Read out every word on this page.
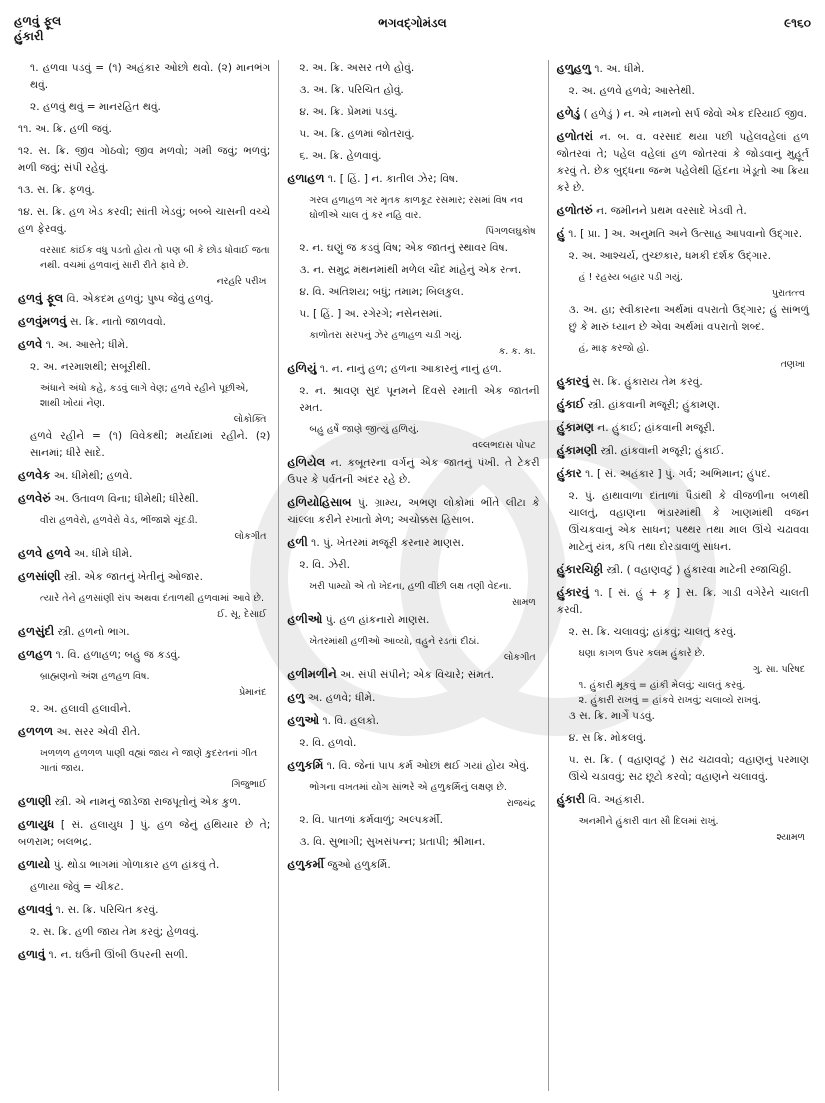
હળવું ફૂલ
હુંકારી
ભગવદ્ગોમંડલ	૯૧૬૦
૧. હળવા પડવું = (૧) અહંકાર ઓછો થવો. (૨) માનભંગ થવું.
૨. હળવું થવું = માનરહિત થવું.
૧૧. અ. ક્રિ. હળી જવું.
૧૨. સ. ક્રિ. જીવ ગોઠવો; જીવ મળવો; ગમી જવું; ભળવું; મળી જવું; સંપી રહેવું.
૧૩. સ. ક્રિ. ફળવું.
૧૪. સ. ક્રિ. હળ ખેડ કરવી; સાંતી ખેડવું; બબ્બે ચાસની વચ્ચે હળ ફેરવવું.
વરસાદ કાંઈક વધુ પડતો હોય તો પણ બી કે છોડ ધોવાઈ જતા નથી. વચમાં હળવાનું સારી રીતે ફાવે છે.
નરહરિ પરીખ
હળવું ફૂલ વિ. એકદમ હળવું; પુષ્પ જેવું હળવું.
હળવુંમળવું સ. ક્રિ. નાતો જાળવવો.
હળવે ૧. અ. આસ્તે; ધીમે.
૨. અ. નરમાશથી; સબૂરીથી.
અંધાને અંધો કહે, કડવું લાગે વેણ; હળવે રહીને પૂછીએ, શાથી ખોયાં નેણ.
લોકોક્તિ
હળવે રહીને = (૧) વિવેકથી; મર્યાદામાં રહીને. (૨) સાનમાં; ધીરે સાદે.
હળવેક અ. ધીમેથી; હળવે.
હળવેરું અ. ઉતાવળ વિના; ધીમેથી; ધીરેથી.
વીરા હળવેરો, હળવેરો વેડ, ભીંજાશે ચૂંદડી.
લોકગીત
હળવે હળવે અ. ધીમે ધીમે.
હળસાંણી સ્ત્રી. એક જાતનું ખેતીનું ઓજાર.
ત્યારે તેને હળસાંણી રાંપ અથવા દંતાળથી હળવામાં આવે છે.
ઈ. સૂ. દેસાઈ
હળસુંદી સ્ત્રી. હળનો ભાગ.
હળહળ ૧. વિ. હળાહળ; બહુ જ કડવું.
બ્રાહ્મણનો અંશ હળહળ વિષ.
પ્રેમાનંદ
૨. અ. હલાવી હલાવીને.
હળળળ અ. સરર એવી રીતે.
ખળળળ હળળળ પાણી વહ્યાં જાય ને જાણે કુદરતનાં ગીત ગાતાં જાય.
ગિજુભાઈ
હળાણી સ્ત્રી. એ નામનું જાડેજા રાજપૂતોનું એક કુળ.
હળાયુધ [ સં. હલાયુધ ] પું. હળ જેનું હથિયાર છે તે; બળરામ; બલભદ્ર.
હળાયો પું. થોડા ભાગમાં ગોળાકાર હળ હાંકવું તે.
હળાયા જેવું = ચીકટ.
હળાવવું ૧. સ. ક્રિ. પરિચિત કરવું.
૨. સ. ક્રિ. હળી જાય તેમ કરવું; હેળવવું.
હળાવું ૧. ન. ઘઉંની ઊંબી ઉપરની સળી.
૨. અ. ક્રિ. અસર તળે હોવું.
૩. અ. ક્રિ. પરિચિત હોવું.
૪. અ. ક્રિ. પ્રેમમાં પડવું.
૫. અ. ક્રિ. હળમાં જોતરાવું.
૬. અ. ક્રિ. હેળવાવું.
હળાહળ ૧. [ હિં. ] ન. કાતીલ ઝેર; વિષ.
ગરલ હળાહળ ગર મૃતક કાળકૂટ રસમાર; રસમાં વિષ નવ ઘોળીએ ચાલ તું કર નહિ વાર.
પિંગળલઘુકોષ
૨. ન. ઘણું જ કડવું વિષ; એક જાતનું સ્થાવર વિષ.
૩. ન. સમુદ્ર મંથનમાંથી મળેલ ચૌદ માંહેનું એક રત્ન.
૪. વિ. અતિશય; બધું; તમામ; બિલકુલ.
૫. [ હિં. ] અ. રગેરગે; નસેનસમાં.
કાળોતરા સરપનું ઝેર હળાહળ ચડી ગયું.
ક. ક. કા.
હળિયું ૧. ન. નાનું હળ; હળના આકારનું નાનું હળ.
૨. ન. શ્રાવણ સુદ પૂનમને દિવસે રમાતી એક જાતની રમત.
બહુ હર્ષે જાણે જીત્યું હળિયું.
વલ્લભદાસ પોપટ
હળિયેલ ન. કબૂતરના વર્ગનું એક જાતનું પંખી. તે ટેકરી ઉપર કે પર્વતની અંદર રહે છે.
હળિયોહિસાબ પું. ગ્રામ્ય, અભણ લોકોમાં ભીંતે લીટા કે ચાંલ્લા કરીને રખાતો મેળ; અચોક્કસ હિસાબ.
હળી ૧. પું. ખેતરમાં મજૂરી કરનાર માણસ.
૨. વિ. ઝેરી.
ખરી પામ્યો એ તો ખેદના, હળી વીંછી લક્ષ તણી વેદના.
સામળ
હળીઓ પું. હળ હાંકનારો માણસ.
ખેતરમાંથી હળીઓ આવ્યો, વહુને રડતાં દીઠાં.
લોકગીત
હળીમળીને અ. સંપી સંપીને; એક વિચારે; સંમત.
હળુ અ. હળવે; ધીમે.
હળુઓ ૧. વિ. હલકો.
૨. વિ. હળવો.
હળુકર્મિ ૧. વિ. જેનાં પાપ કર્મ ઓછાં થઈ ગયાં હોય એવું.
ભોગના વખતમાં યોગ સાંભરે એ હળુકર્મિનું લક્ષણ છે.
રાજચંદ્ર
૨. વિ. પાતળાં કર્મવાળું; અલ્પકર્મી.
૩. વિ. સુભાગી; સુખસંપન્ન; પ્રતાપી; શ્રીમાન.
હળુકર્મી જુઓ હળુકર્મિ.
હળુહળુ ૧. અ. ધીમે.
૨. અ. હળવે હળવે; આસ્તેથી.
હળેડું ( હળેડું ) ન. એ નામનો સર્પ જેવો એક દરિયાઈ જીવ.
હળોતરાં ન. બ. વ. વરસાદ થયા પછી પહેલવહેલાં હળ જોતરવાં તે; પહેલ વહેલાં હળ જોતરવાં કે જોડવાનું મુહૂર્ત કરવું તે. છેક બુદ્ધના જન્મ પહેલેથી હિંદના ખેડૂતો આ ક્રિયા કરે છે.
હળોતરું ન. જમીનને પ્રથમ વરસાદે ખેડવી તે.
હું ૧. [ પ્રા. ] અ. અનુમતિ અને ઉત્સાહ આપવાનો ઉદ્ગાર.
૨. અ. આશ્ચર્ય, તુચ્છકાર, ધમકી દર્શક ઉદ્ગાર.
હં ! રહસ્ય બહાર પડી ગયું.
પુરાતત્ત્વ
૩. અ. હા; સ્વીકારના અર્થમાં વપરાતો ઉદ્ગાર; હું સાંભળું છું કે મારું ધ્યાન છે એવા અર્થમાં વપરાતો શબ્દ.
હં, માફ કરજો હો.
તણખા
હુકારવું સ. ક્રિ. હુંકારાય તેમ કરવું.
હુંકાઈ સ્ત્રી. હાંકવાની મજૂરી; હુંકામણ.
હુંકામણ ન. હુંકાઈ; હાંકવાની મજૂરી.
હુંકામણી સ્ત્રી. હાંકવાની મજૂરી; હુંકાઈ.
હુંકાર ૧. [ સં. અહંકાર ] પું. ગર્વ; અભિમાન; હુંપદ.
૨. પું. હાથાવાળા દાંતાળાં પૈડાંથી કે વીજળીના બળથી ચાલતું, વહાણના ભંડારમાંથી કે ખાણમાંથી વજન ઊંચકવાનું એક સાધન; પથ્થર તથા માલ ઊંચે ચઢાવવા માટેનું યંત્ર, કપિ તથા દોરડાવાળું સાધન.
હુંકારચિઠ્ઠી સ્ત્રી. ( વહાણવટું ) હુંકારવા માટેની રજાચિઠ્ઠી.
હુંકારવું ૧. [ સં. હું + કૃ ] સ. ક્રિ. ગાડી વગેરેને ચાલતી કરવી.
૨. સ. ક્રિ. ચલાવવું; હાંકવું; ચાલતું કરવું.
ઘણા કાગળ ઉપર કલમ હુંકારે છે.
ગુ. સા. પરિષદ
૧. હુંકારી મૂકવું = હાંકી મેલવું; ચાલતું કરવું.
૨. હુંકારી રાખવું = હાંકવે રાખવું; ચલાવ્યે રાખવું.
૩ સ. ક્રિ. માર્ગે પડવું.
૪. સ ક્રિ. મોકલવું.
૫. સ. ક્રિ. ( વહાણવટું ) સઢ ચઢાવવો; વહાણનું પરમાણ ઊંચે ચડાવવું; સઢ છૂટો કરવો; વહાણને ચલાવવું.
હુંકારી વિ. અહંકારી.
અનમીને હુંકારી વાત સૌ દિલમાં રાખું.
શ્યામળ
